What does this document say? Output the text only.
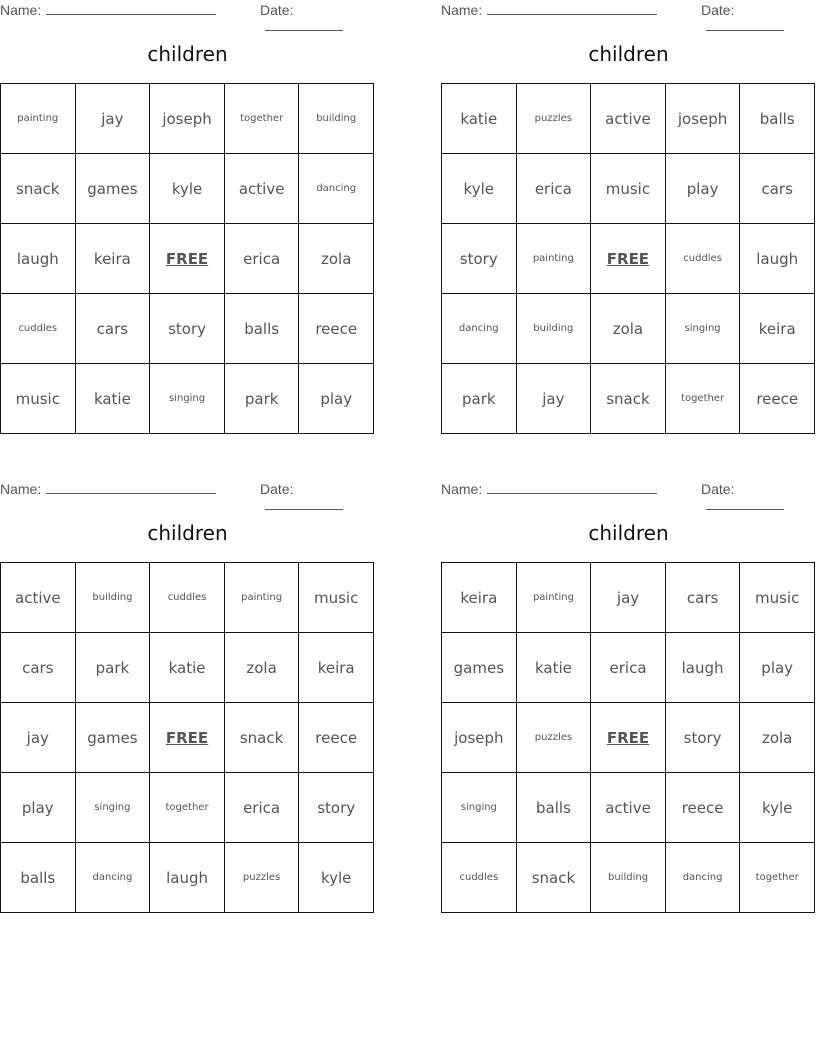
Name:	Date:
children
painting	jay	joseph	together	building
snack	games	kyle	active	dancing
laugh	keira	FREE	erica	zola
cuddles	cars	story	balls	reece
music	katie	singing	park	play
Name:	Date:
children
katie	puzzles	active	joseph	balls
kyle	erica	music	play	cars
story	painting	FREE	cuddles	laugh
dancing	building	zola	singing	keira
park	jay	snack	together	reece
Name:	Date:
children
active	building	cuddles	painting	music
cars	park	katie	zola	keira
jay	games	FREE	snack	reece
play	singing	together	erica	story
balls	dancing	laugh	puzzles	kyle
Name:	Date:
children
keira	painting	jay	cars	music
games	katie	erica	laugh	play
joseph	puzzles	FREE	story	zola
singing	balls	active	reece	kyle
cuddles	snack	building	dancing	together
